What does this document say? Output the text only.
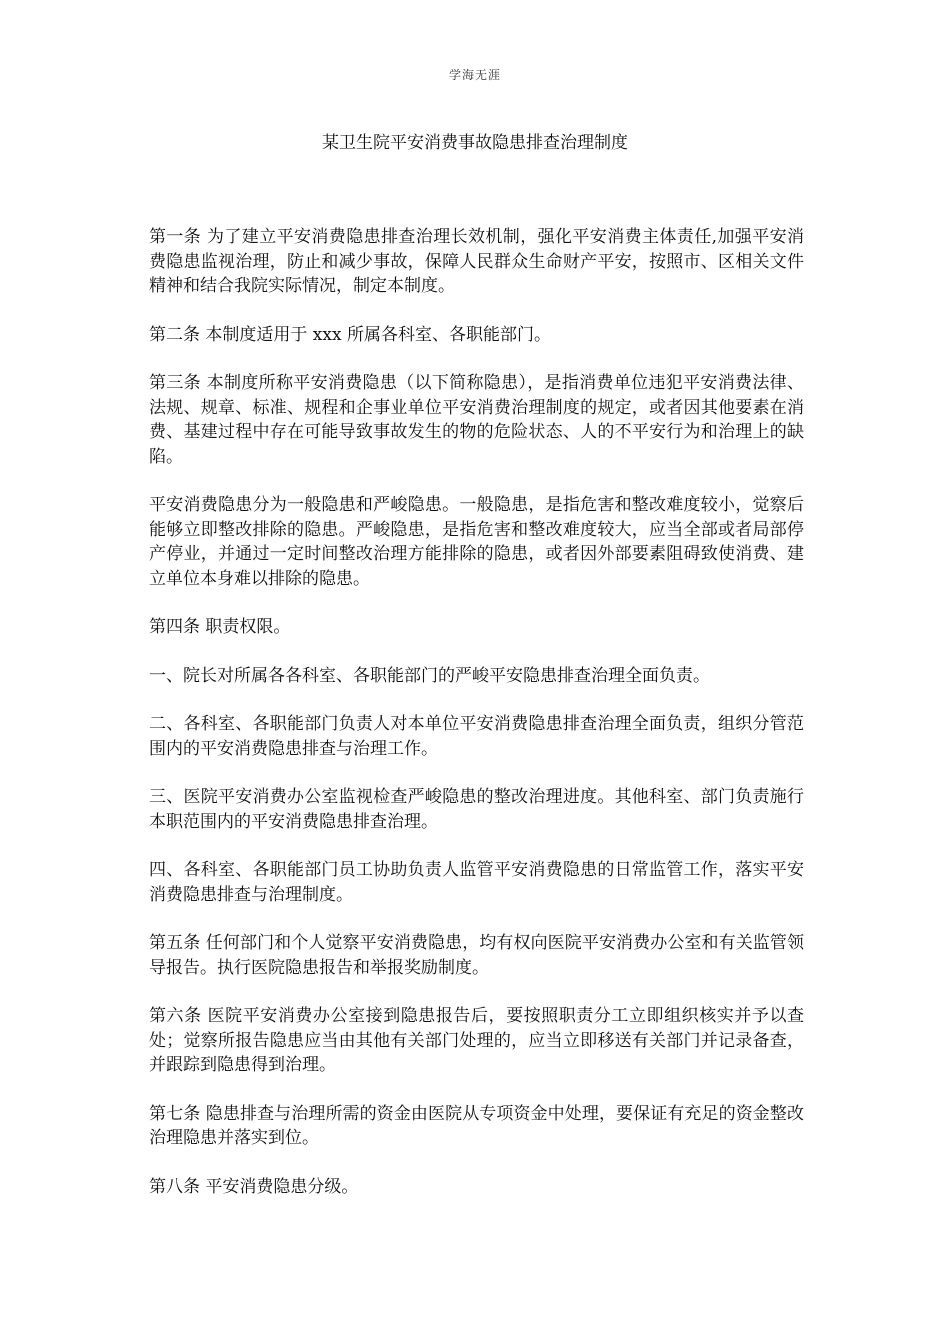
学海无涯
某卫生院平安消费事故隐患排查治理制度

第一条 为了建立平安消费隐患排查治理长效机制，强化平安消费主体责任,加强平安消费隐患监视治理，防止和减少事故，保障人民群众生命财产平安，按照市、区相关文件精神和结合我院实际情况，制定本制度。

第二条 本制度适用于 xxx 所属各科室、各职能部门。

第三条 本制度所称平安消费隐患（以下简称隐患），是指消费单位违犯平安消费法律、法规、规章、标准、规程和企事业单位平安消费治理制度的规定，或者因其他要素在消费、基建过程中存在可能导致事故发生的物的危险状态、人的不平安行为和治理上的缺陷。

平安消费隐患分为一般隐患和严峻隐患。一般隐患，是指危害和整改难度较小，觉察后能够立即整改排除的隐患。严峻隐患，是指危害和整改难度较大，应当全部或者局部停产停业，并通过一定时间整改治理方能排除的隐患，或者因外部要素阻碍致使消费、建立单位本身难以排除的隐患。

第四条 职责权限。

一、院长对所属各各科室、各职能部门的严峻平安隐患排查治理全面负责。

二、各科室、各职能部门负责人对本单位平安消费隐患排查治理全面负责，组织分管范围内的平安消费隐患排查与治理工作。

三、医院平安消费办公室监视检查严峻隐患的整改治理进度。其他科室、部门负责施行本职范围内的平安消费隐患排查治理。

四、各科室、各职能部门员工协助负责人监管平安消费隐患的日常监管工作，落实平安消费隐患排查与治理制度。

第五条 任何部门和个人觉察平安消费隐患，均有权向医院平安消费办公室和有关监管领导报告。执行医院隐患报告和举报奖励制度。

第六条 医院平安消费办公室接到隐患报告后，要按照职责分工立即组织核实并予以查处；觉察所报告隐患应当由其他有关部门处理的，应当立即移送有关部门并记录备查，并跟踪到隐患得到治理。

第七条 隐患排查与治理所需的资金由医院从专项资金中处理，要保证有充足的资金整改治理隐患并落实到位。

第八条 平安消费隐患分级。
